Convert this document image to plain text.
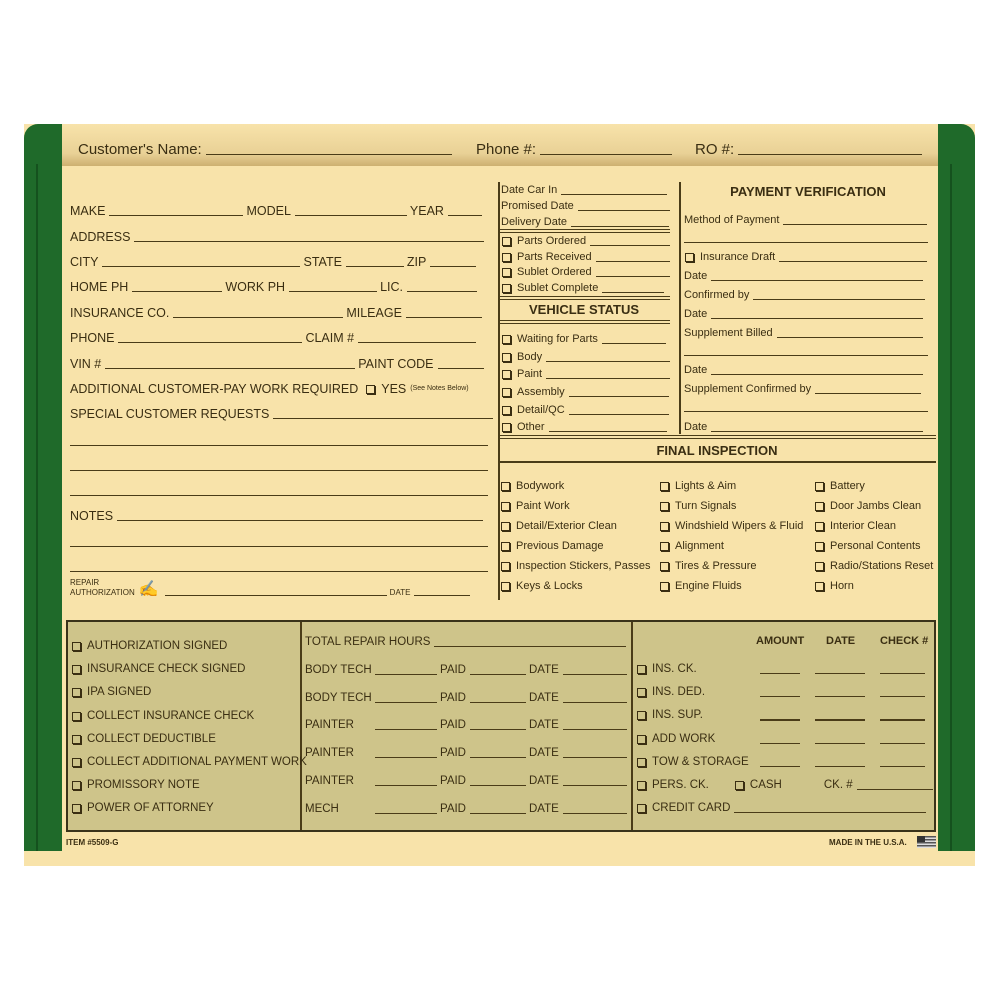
Customer's Name:	Phone #:	RO #:
MAKE	MODEL	YEAR
ADDRESS
CITY	STATE	ZIP
HOME PH	WORK PH	LIC.
INSURANCE CO.	MILEAGE
PHONE	CLAIM #
VIN #	PAINT CODE
ADDITIONAL CUSTOMER-PAY WORK REQUIRED YES (See Notes Below)
SPECIAL CUSTOMER REQUESTS
NOTES
REPAIR
AUTHORIZATION ✍	DATE
Date Car In
Promised Date
Delivery Date
Parts Ordered
Parts Received
Sublet Ordered
Sublet Complete
VEHICLE STATUS
Waiting for Parts
Body
Paint
Assembly
Detail/QC
Other
PAYMENT VERIFICATION
Method of Payment
Insurance Draft
Date
Confirmed by
Date
Supplement Billed
Date
Supplement Confirmed by
Date
FINAL INSPECTION
Bodywork
Paint Work
Detail/Exterior Clean
Previous Damage
Inspection Stickers, Passes
Keys & Locks
Lights & Aim
Turn Signals
Windshield Wipers & Fluid
Alignment
Tires & Pressure
Engine Fluids
Battery
Door Jambs Clean
Interior Clean
Personal Contents
Radio/Stations Reset
Horn
AUTHORIZATION SIGNED
INSURANCE CHECK SIGNED
IPA SIGNED
COLLECT INSURANCE CHECK
COLLECT DEDUCTIBLE
COLLECT ADDITIONAL PAYMENT WORK
PROMISSORY NOTE
POWER OF ATTORNEY
TOTAL REPAIR HOURS
BODY TECH	PAID	DATE
BODY TECH	PAID	DATE
PAINTER	PAID	DATE
PAINTER	PAID	DATE
PAINTER	PAID	DATE
MECH	PAID	DATE
AMOUNT DATE CHECK #
INS. CK.
INS. DED.
INS. SUP.
ADD WORK
TOW & STORAGE
PERS. CK.	CASH	CK. #
CREDIT CARD
ITEM #5509-G	MADE IN THE U.S.A.
